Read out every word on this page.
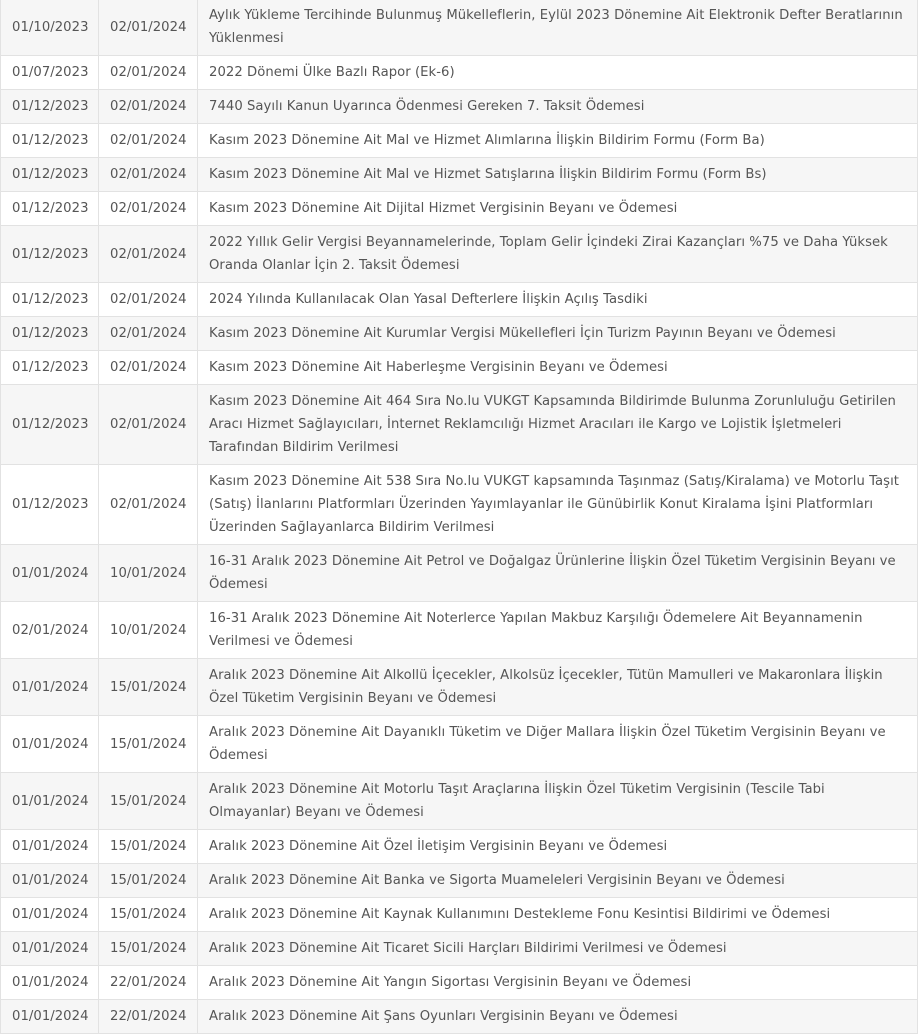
01/10/2023	02/01/2024	Aylık Yükleme Tercihinde Bulunmuş Mükelleflerin, Eylül 2023 Dönemine Ait Elektronik Defter Beratlarının Yüklenmesi
01/07/2023	02/01/2024	2022 Dönemi Ülke Bazlı Rapor (Ek-6)
01/12/2023	02/01/2024	7440 Sayılı Kanun Uyarınca Ödenmesi Gereken 7. Taksit Ödemesi
01/12/2023	02/01/2024	Kasım 2023 Dönemine Ait Mal ve Hizmet Alımlarına İlişkin Bildirim Formu (Form Ba)
01/12/2023	02/01/2024	Kasım 2023 Dönemine Ait Mal ve Hizmet Satışlarına İlişkin Bildirim Formu (Form Bs)
01/12/2023	02/01/2024	Kasım 2023 Dönemine Ait Dijital Hizmet Vergisinin Beyanı ve Ödemesi
01/12/2023	02/01/2024	2022 Yıllık Gelir Vergisi Beyannamelerinde, Toplam Gelir İçindeki Zirai Kazançları %75 ve Daha Yüksek Oranda Olanlar İçin 2. Taksit Ödemesi
01/12/2023	02/01/2024	2024 Yılında Kullanılacak Olan Yasal Defterlere İlişkin Açılış Tasdiki
01/12/2023	02/01/2024	Kasım 2023 Dönemine Ait Kurumlar Vergisi Mükellefleri İçin Turizm Payının Beyanı ve Ödemesi
01/12/2023	02/01/2024	Kasım 2023 Dönemine Ait Haberleşme Vergisinin Beyanı ve Ödemesi
01/12/2023	02/01/2024	Kasım 2023 Dönemine Ait 464 Sıra No.lu VUKGT Kapsamında Bildirimde Bulunma Zorunluluğu Getirilen Aracı Hizmet Sağlayıcıları, İnternet Reklamcılığı Hizmet Aracıları ile Kargo ve Lojistik İşletmeleri Tarafından Bildirim Verilmesi
01/12/2023	02/01/2024	Kasım 2023 Dönemine Ait 538 Sıra No.lu VUKGT kapsamında Taşınmaz (Satış/Kiralama) ve Motorlu Taşıt (Satış) İlanlarını Platformları Üzerinden Yayımlayanlar ile Günübirlik Konut Kiralama İşini Platformları Üzerinden Sağlayanlarca Bildirim Verilmesi
01/01/2024	10/01/2024	16-31 Aralık 2023 Dönemine Ait Petrol ve Doğalgaz Ürünlerine İlişkin Özel Tüketim Vergisinin Beyanı ve Ödemesi
02/01/2024	10/01/2024	16-31 Aralık 2023 Dönemine Ait Noterlerce Yapılan Makbuz Karşılığı Ödemelere Ait Beyannamenin Verilmesi ve Ödemesi
01/01/2024	15/01/2024	Aralık 2023 Dönemine Ait Alkollü İçecekler, Alkolsüz İçecekler, Tütün Mamulleri ve Makaronlara İlişkin Özel Tüketim Vergisinin Beyanı ve Ödemesi
01/01/2024	15/01/2024	Aralık 2023 Dönemine Ait Dayanıklı Tüketim ve Diğer Mallara İlişkin Özel Tüketim Vergisinin Beyanı ve Ödemesi
01/01/2024	15/01/2024	Aralık 2023 Dönemine Ait Motorlu Taşıt Araçlarına İlişkin Özel Tüketim Vergisinin (Tescile Tabi Olmayanlar) Beyanı ve Ödemesi
01/01/2024	15/01/2024	Aralık 2023 Dönemine Ait Özel İletişim Vergisinin Beyanı ve Ödemesi
01/01/2024	15/01/2024	Aralık 2023 Dönemine Ait Banka ve Sigorta Muameleleri Vergisinin Beyanı ve Ödemesi
01/01/2024	15/01/2024	Aralık 2023 Dönemine Ait Kaynak Kullanımını Destekleme Fonu Kesintisi Bildirimi ve Ödemesi
01/01/2024	15/01/2024	Aralık 2023 Dönemine Ait Ticaret Sicili Harçları Bildirimi Verilmesi ve Ödemesi
01/01/2024	22/01/2024	Aralık 2023 Dönemine Ait Yangın Sigortası Vergisinin Beyanı ve Ödemesi
01/01/2024	22/01/2024	Aralık 2023 Dönemine Ait Şans Oyunları Vergisinin Beyanı ve Ödemesi
